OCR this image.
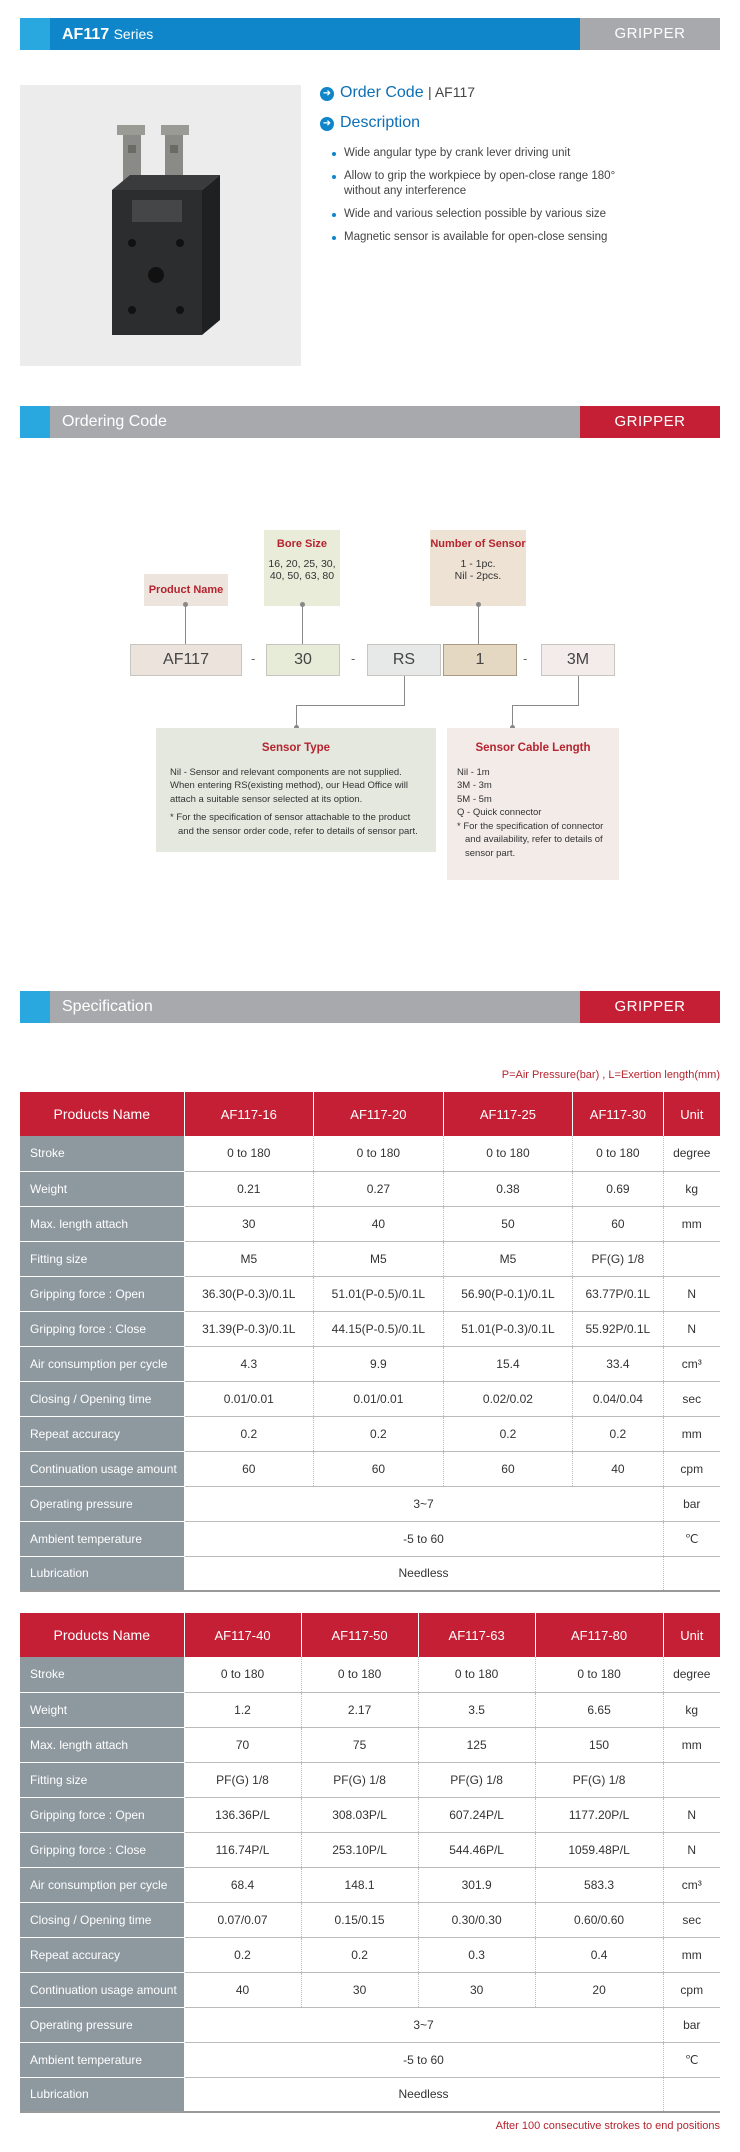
AF117 Series	GRIPPER
➜ Order Code | AF117
➜ Description
Wide angular type by crank lever driving unit
Allow to grip the workpiece by open-close range 180° without any interference
Wide and various selection possible by various size
Magnetic sensor is available for open-close sensing
Ordering Code	GRIPPER
Product Name
Bore Size
16, 20, 25, 30,
40, 50, 63, 80
Number of Sensor
1 - 1pc.
Nil - 2pcs.
AF117	-	30	-	RS	1	-	3M
Sensor Type
Nil - Sensor and relevant components are not supplied.
When entering RS(existing method), our Head Office will
attach a suitable sensor selected at its option.
* For the specification of sensor attachable to the product
and the sensor order code, refer to details of sensor part.
Sensor Cable Length
Nil - 1m
3M - 3m
5M - 5m
Q - Quick connector
* For the specification of connector
and availability, refer to details of
sensor part.
Specification	GRIPPER
P=Air Pressure(bar) , L=Exertion length(mm)
Products Name	AF117-16	AF117-20	AF117-25	AF117-30	Unit
Stroke	0 to 180	0 to 180	0 to 180	0 to 180	degree
Weight	0.21	0.27	0.38	0.69	kg
Max. length attach	30	40	50	60	mm
Fitting size	M5	M5	M5	PF(G) 1/8	
Gripping force : Open	36.30(P-0.3)/0.1L	51.01(P-0.5)/0.1L	56.90(P-0.1)/0.1L	63.77P/0.1L	N
Gripping force : Close	31.39(P-0.3)/0.1L	44.15(P-0.5)/0.1L	51.01(P-0.3)/0.1L	55.92P/0.1L	N
Air consumption per cycle	4.3	9.9	15.4	33.4	cm³
Closing / Opening time	0.01/0.01	0.01/0.01	0.02/0.02	0.04/0.04	sec
Repeat accuracy	0.2	0.2	0.2	0.2	mm
Continuation usage amount	60	60	60	40	cpm
Operating pressure	3~7				bar
Ambient temperature	-5 to 60				℃
Lubrication	Needless				
Products Name	AF117-40	AF117-50	AF117-63	AF117-80	Unit
Stroke	0 to 180	0 to 180	0 to 180	0 to 180	degree
Weight	1.2	2.17	3.5	6.65	kg
Max. length attach	70	75	125	150	mm
Fitting size	PF(G) 1/8	PF(G) 1/8	PF(G) 1/8	PF(G) 1/8	
Gripping force : Open	136.36P/L	308.03P/L	607.24P/L	1177.20P/L	N
Gripping force : Close	116.74P/L	253.10P/L	544.46P/L	1059.48P/L	N
Air consumption per cycle	68.4	148.1	301.9	583.3	cm³
Closing / Opening time	0.07/0.07	0.15/0.15	0.30/0.30	0.60/0.60	sec
Repeat accuracy	0.2	0.2	0.3	0.4	mm
Continuation usage amount	40	30	30	20	cpm
Operating pressure	3~7				bar
Ambient temperature	-5 to 60				℃
Lubrication	Needless				
After 100 consecutive strokes to end positions
